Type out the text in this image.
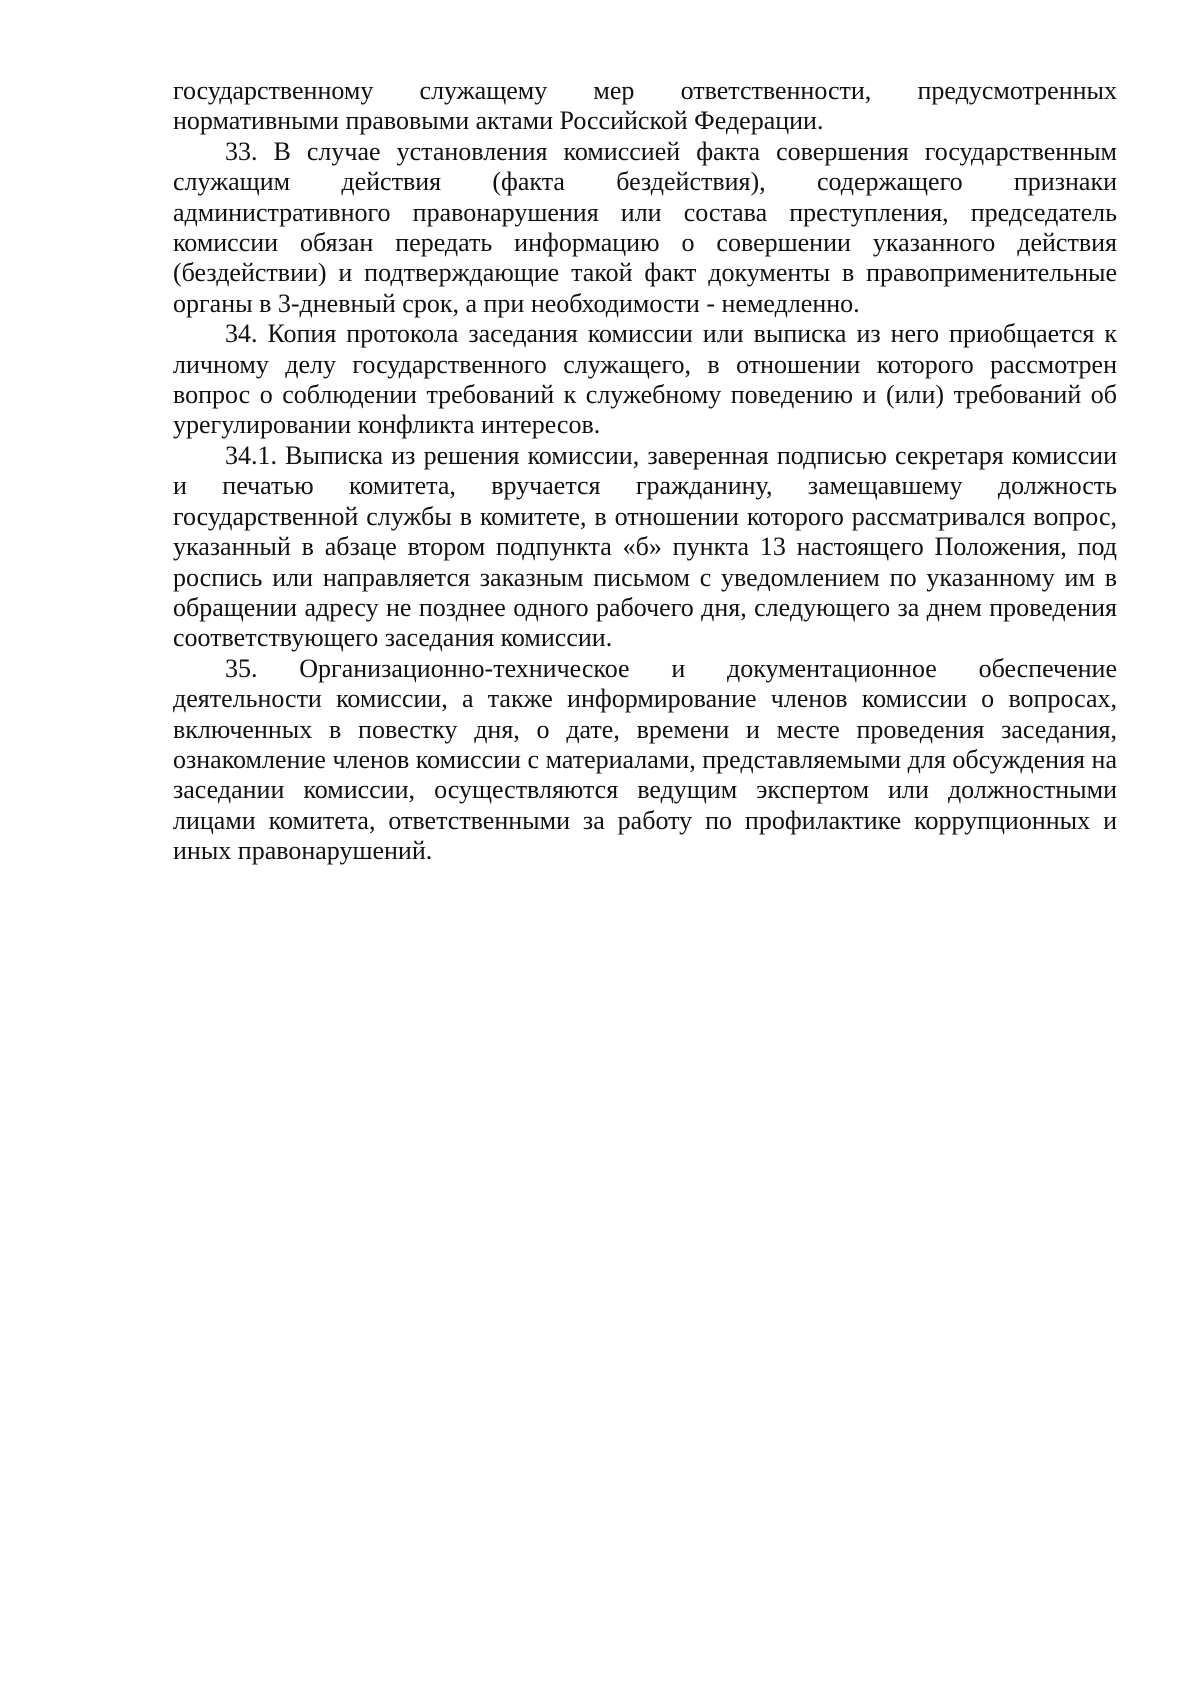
государственному служащему мер ответственности, предусмотренных нормативными правовыми актами Российской Федерации.

33. В случае установления комиссией факта совершения государственным служащим действия (факта бездействия), содержащего признаки административного правонарушения или состава преступления, председатель комиссии обязан передать информацию о совершении указанного действия (бездействии) и подтверждающие такой факт документы в правоприменительные органы в 3-дневный срок, а при необходимости - немедленно.

34. Копия протокола заседания комиссии или выписка из него приобщается к личному делу государственного служащего, в отношении которого рассмотрен вопрос о соблюдении требований к служебному поведению и (или) требований об урегулировании конфликта интересов.

34.1. Выписка из решения комиссии, заверенная подписью секретаря комиссии и печатью комитета, вручается гражданину, замещавшему должность государственной службы в комитете, в отношении которого рассматривался вопрос, указанный в абзаце втором подпункта «б» пункта 13 настоящего Положения, под роспись или направляется заказным письмом с уведомлением по указанному им в обращении адресу не позднее одного рабочего дня, следующего за днем проведения соответствующего заседания комиссии.

35. Организационно-техническое и документационное обеспечение деятельности комиссии, а также информирование членов комиссии о вопросах, включенных в повестку дня, о дате, времени и месте проведения заседания, ознакомление членов комиссии с материалами, представляемыми для обсуждения на заседании комиссии, осуществляются ведущим экспертом или должностными лицами комитета, ответственными за работу по профилактике коррупционных и иных правонарушений.
